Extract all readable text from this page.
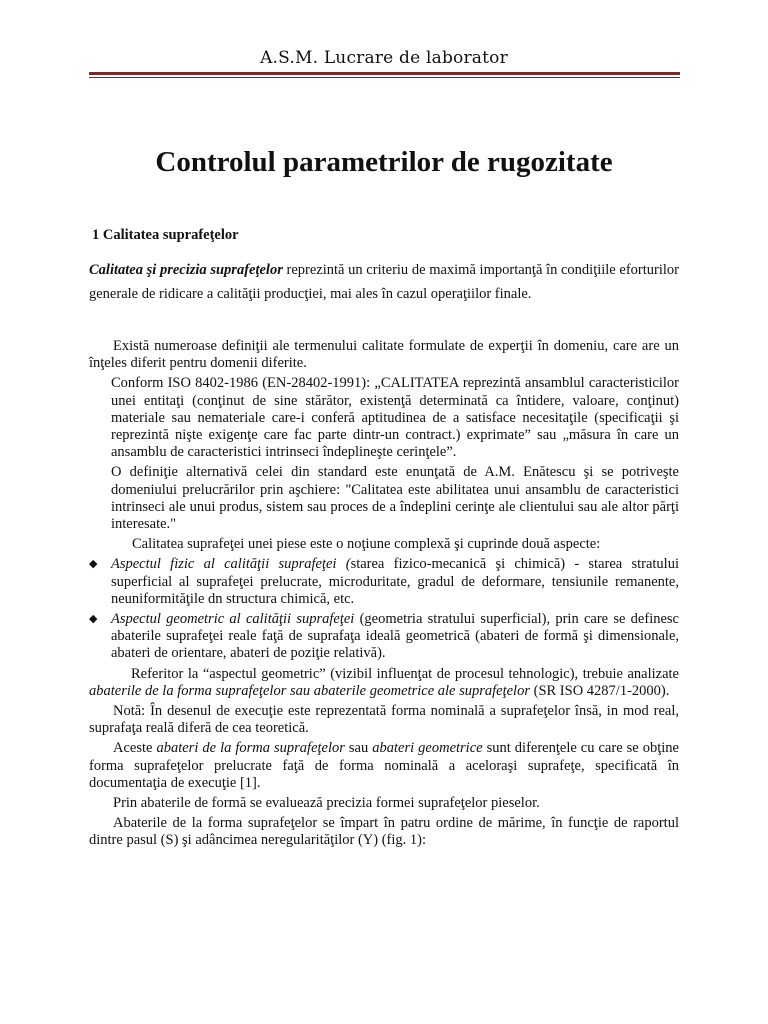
A.S.M. Lucrare de laborator
Controlul parametrilor de rugozitate
1 Calitatea suprafeţelor
Calitatea şi precizia suprafeţelor reprezintă un criteriu de maximă importanţă în condiţiile eforturilor generale de ridicare a calităţii producţiei, mai ales în cazul operaţiilor finale.

Există numeroase definiţii ale termenului calitate formulate de experţii în domeniu, care are un înţeles diferit pentru domenii diferite.

Conform ISO 8402-1986 (EN-28402-1991): „CALITATEA reprezintă ansamblul caracteristicilor unei entitaţi (conţinut de sine stărător, existenţă determinată ca întidere, valoare, conţinut) materiale sau nemateriale care-i conferă aptitudinea de a satisface necesitaţile (specificaţii şi reprezintă nişte exigenţe care fac parte dintr-un contract.) exprimate” sau „măsura în care un ansamblu de caracteristici intrinseci îndeplineşte cerinţele”.

O definiţie alternativă celei din standard este enunţată de A.M. Enătescu şi se potriveşte domeniului prelucrărilor prin aşchiere: "Calitatea este abilitatea unui ansamblu de caracteristici intrinseci ale unui produs, sistem sau proces de a îndeplini cerinţe ale clientului sau ale altor părţi interesate."

Calitatea suprafeţei unei piese este o noţiune complexă şi cuprinde două aspecte:

◆ Aspectul fizic al calităţii suprafeţei (starea fizico-mecanică şi chimică) - starea stratului superficial al suprafeţei prelucrate, microduritate, gradul de deformare, tensiunile remanente, neuniformităţile dn structura chimică, etc.
◆ Aspectul geometric al calităţii suprafeţei (geometria stratului superficial), prin care se definesc abaterile suprafeţei reale faţă de suprafaţa ideală geometrică (abateri de formă şi dimensionale, abateri de orientare, abateri de poziţie relativă).

Referitor la “aspectul geometric” (vizibil influenţat de procesul tehnologic), trebuie analizate abaterile de la forma suprafeţelor sau abaterile geometrice ale suprafeţelor (SR ISO 4287/1-2000).

Notă: În desenul de execuţie este reprezentată forma nominală a suprafeţelor însă, in mod real, suprafaţa reală diferă de cea teoretică.

Aceste abateri de la forma suprafeţelor sau abateri geometrice sunt diferenţele cu care se obţine forma suprafeţelor prelucrate faţă de forma nominală a aceloraşi suprafeţe, specificată în documentaţia de execuţie [1].

Prin abaterile de formă se evaluează precizia formei suprafeţelor pieselor.

Abaterile de la forma suprafeţelor se împart în patru ordine de mărime, în funcţie de raportul dintre pasul (S) şi adâncimea neregularităţilor (Y) (fig. 1):
